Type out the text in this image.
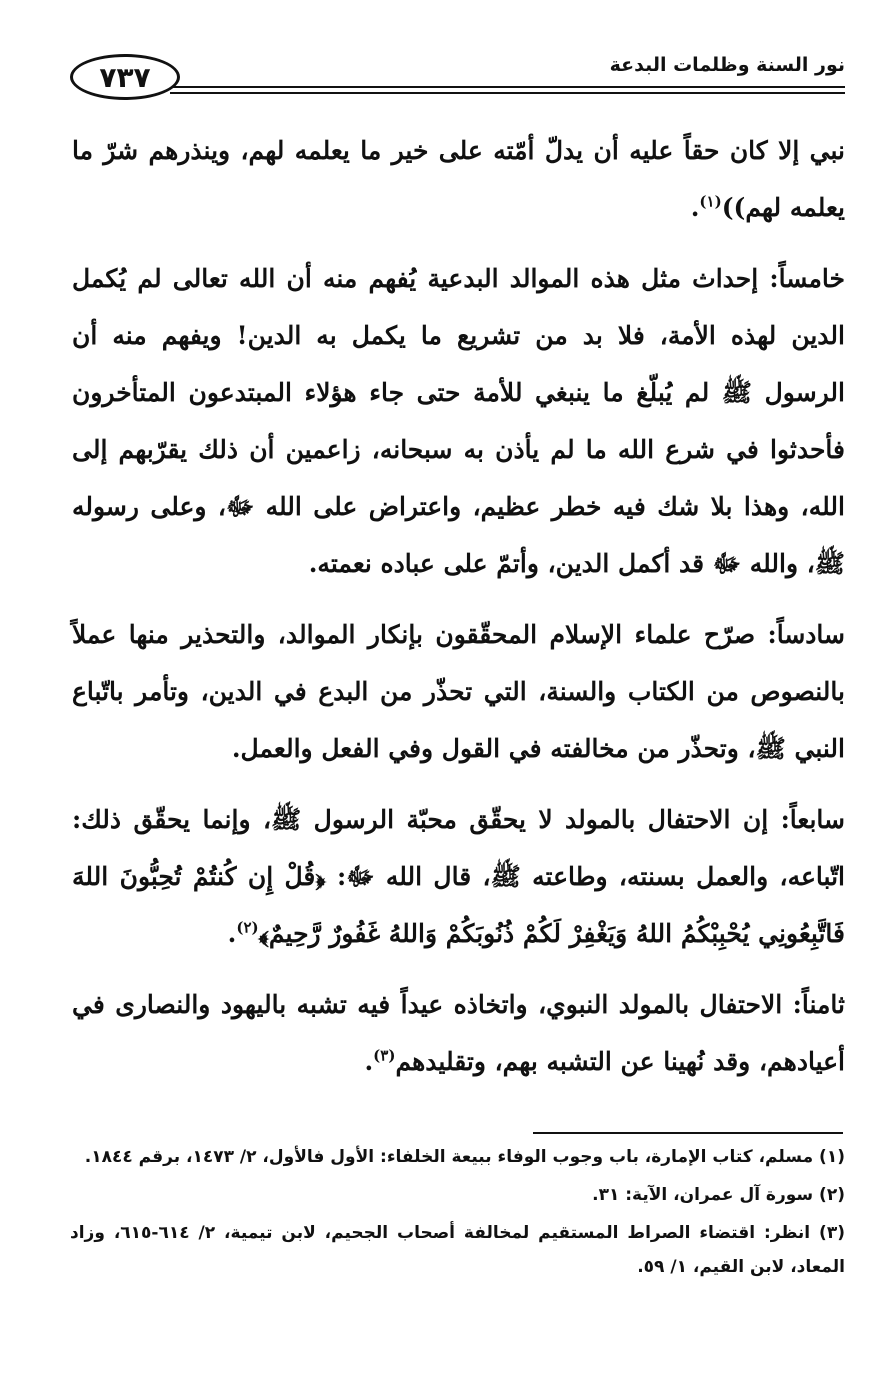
٧٣٧	نور السنة وظلمات البدعة

نبي إلا كان حقاً عليه أن يدلّ أمّته على خير ما يعلمه لهم، وينذرهم شرّ ما يعلمه لهم))$^{(١)}$.

خامساً: إحداث مثل هذه الموالد البدعية يُفهم منه أن الله تعالى لم يُكمل الدين لهذه الأمة، فلا بد من تشريع ما يكمل به الدين! ويفهم منه أن الرسول ﷺ لم يُبلّغ ما ينبغي للأمة حتى جاء هؤلاء المبتدعون المتأخرون فأحدثوا في شرع الله ما لم يأذن به سبحانه، زاعمين أن ذلك يقرّبهم إلى الله، وهذا بلا شك فيه خطر عظيم، واعتراض على الله ﷻ، وعلى رسوله ﷺ، والله ﷻ قد أكمل الدين، وأتمّ على عباده نعمته.

سادساً: صرّح علماء الإسلام المحقّقون بإنكار الموالد، والتحذير منها عملاً بالنصوص من الكتاب والسنة، التي تحذّر من البدع في الدين، وتأمر باتّباع النبي ﷺ، وتحذّر من مخالفته في القول وفي الفعل والعمل.

سابعاً: إن الاحتفال بالمولد لا يحقّق محبّة الرسول ﷺ، وإنما يحقّق ذلك: اتّباعه، والعمل بسنته، وطاعته ﷺ، قال الله ﷻ: ﴿قُلْ إِن كُنتُمْ تُحِبُّونَ اللهَ فَاتَّبِعُونِي يُحْبِبْكُمُ اللهُ وَيَغْفِرْ لَكُمْ ذُنُوبَكُمْ وَاللهُ غَفُورٌ رَّحِيمٌ﴾$^{(٢)}$.

ثامناً: الاحتفال بالمولد النبوي، واتخاذه عيداً فيه تشبه باليهود والنصارى في أعيادهم، وقد نُهينا عن التشبه بهم، وتقليدهم$^{(٣)}$.

(١) مسلم، كتاب الإمارة، باب وجوب الوفاء ببيعة الخلفاء: الأول فالأول، ٢/ ١٤٧٣، برقم ١٨٤٤.

(٢) سورة آل عمران، الآية: ٣١.

(٣) انظر: اقتضاء الصراط المستقيم لمخالفة أصحاب الجحيم، لابن تيمية، ٢/ ٦١٤-٦١٥، وزاد المعاد، لابن القيم، ١/ ٥٩.
